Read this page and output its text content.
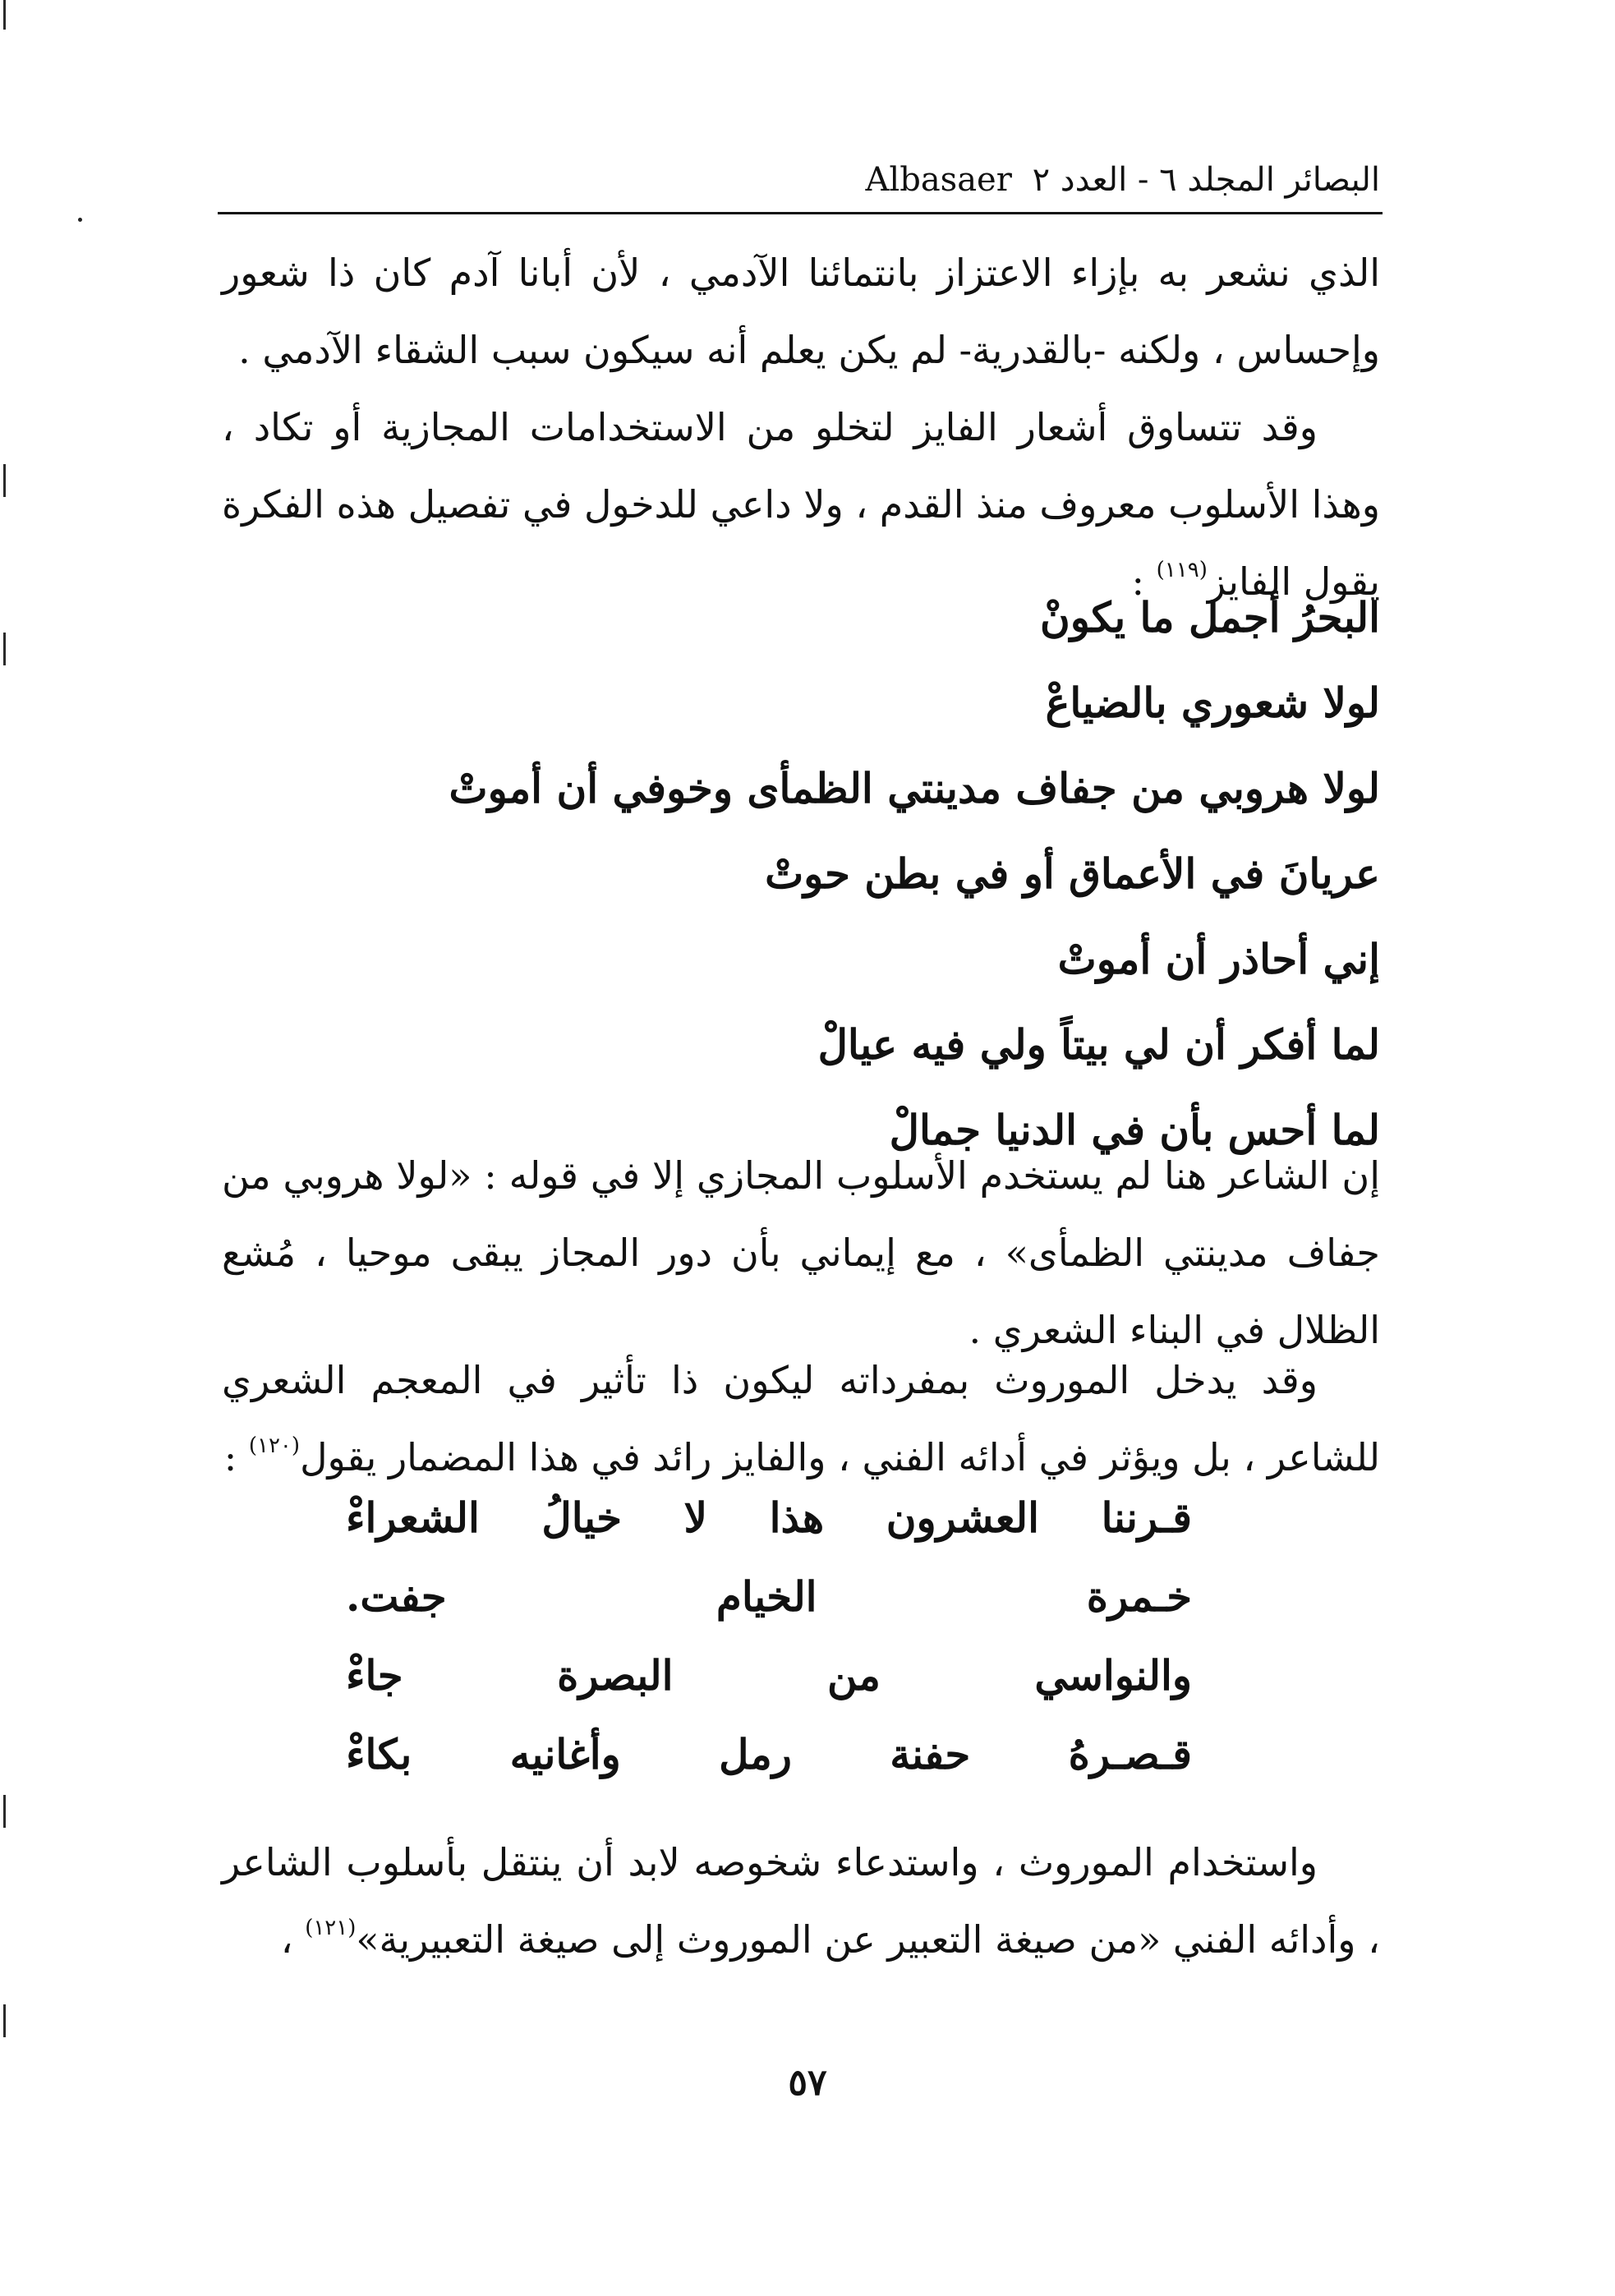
البصائر المجلد ٦ - العدد ٢ Albasaer

الذي نشعر به بإزاء الاعتزاز بانتمائنا الآدمي ، لأن أبانا آدم كان ذا شعور وإحساس ، ولكنه -بالقدرية- لم يكن يعلم أنه سيكون سبب الشقاء الآدمي .

وقد تتساوق أشعار الفايز لتخلو من الاستخدامات المجازية أو تكاد ، وهذا الأسلوب معروف منذ القدم ، ولا داعي للدخول في تفصيل هذه الفكرة يقول الفايز$^{(١١٩)}$ :

البحرُ أجمل ما يكونْ
لولا شعوري بالضياعْ
لولا هروبي من جفاف مدينتي الظمأى وخوفي أن أموتْ
عريانَ في الأعماق أو في بطن حوتْ
إني أحاذر أن أموتْ
لما أفكر أن لي بيتاً ولي فيه عيالْ
لما أحس بأن في الدنيا جمالْ

إن الشاعر هنا لم يستخدم الأسلوب المجازي إلا في قوله : «لولا هروبي من جفاف مدينتي الظمأى» ، مع إيماني بأن دور المجاز يبقى موحيا ، مُشع الظلال في البناء الشعري .

وقد يدخل الموروث بمفرداته ليكون ذا تأثير في المعجم الشعري للشاعر ، بل ويؤثر في أدائه الفني ، والفايز رائد في هذا المضمار يقول$^{(١٢٠)}$ :

قـرننا العشرون هذا لا خيالُ الشعراءْ
خـمرة الخيام جفت.
والنواسي من البصرة جاءْ
قـصـرهُ حفنة رمل وأغانيه بكاءْ

واستخدام الموروث ، واستدعاء شخوصه لابد أن ينتقل بأسلوب الشاعر ، وأدائه الفني «من صيغة التعبير عن الموروث إلى صيغة التعبيرية»$^{(١٢١)}$ ،

٥٧
